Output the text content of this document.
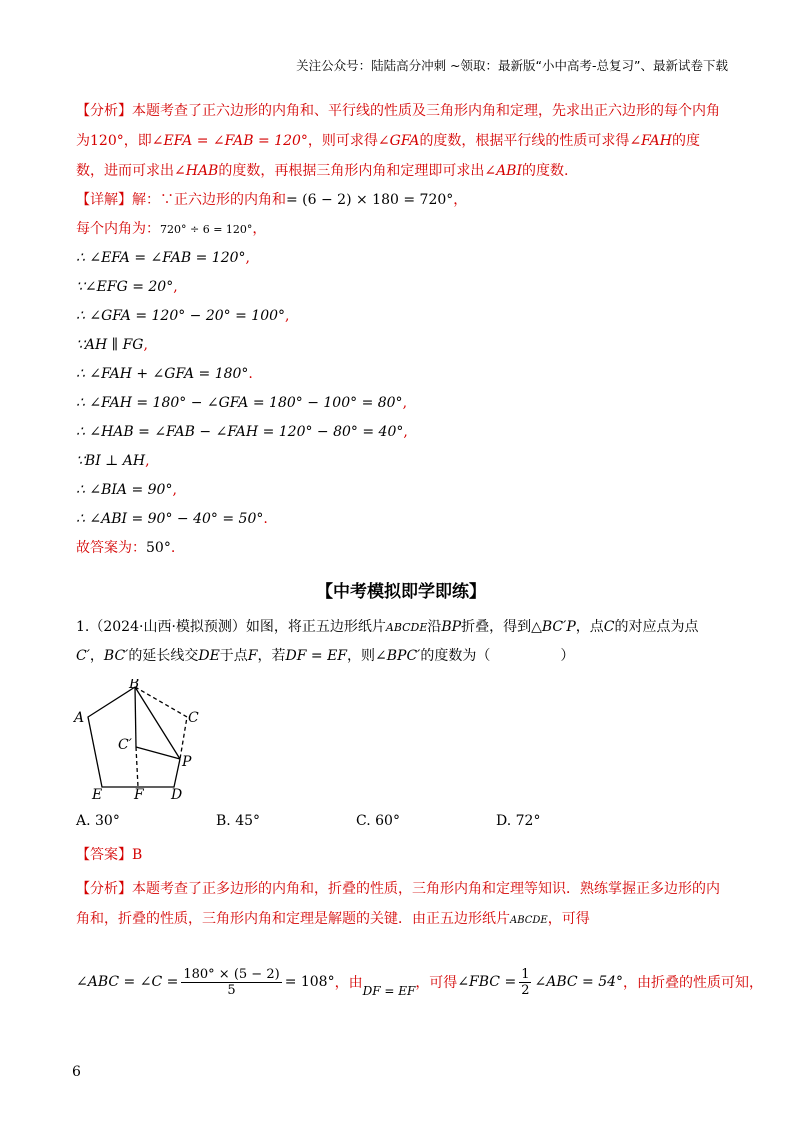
关注公众号：陆陆高分冲刺 ~领取：最新版“小中高考-总复习”、最新试卷下载

【分析】本题考查了正六边形的内角和、平行线的性质及三角形内角和定理，先求出正六边形的每个内角为120°，即∠EFA = ∠FAB = 120°，则可求得∠GFA的度数，根据平行线的性质可求得∠FAH的度数，进而可求出∠HAB的度数，再根据三角形内角和定理即可求出∠ABI的度数.

【详解】解：∵正六边形的内角和= (6 − 2) × 180 = 720°，
每个内角为：720° ÷ 6 = 120°，
∴ ∠EFA = ∠FAB = 120°,
∵∠EFG = 20°,
∴ ∠GFA = 120° − 20° = 100°,
∵AH ∥ FG,
∴ ∠FAH + ∠GFA = 180°.
∴ ∠FAH = 180° − ∠GFA = 180° − 100° = 80°,
∴ ∠HAB = ∠FAB − ∠FAH = 120° − 80° = 40°,
∵BI ⊥ AH,
∴ ∠BIA = 90°,
∴ ∠ABI = 90° − 40° = 50°.
故答案为：50°.
【中考模拟即学即练】

1.（2024·山西·模拟预测）如图，将正五边形纸片ABCDE沿BP折叠，得到△BC′P，点C的对应点为点C′，BC′的延长线交DE于点F，若DF = EF，则∠BPC′的度数为（	）

B
A	C
C′
P
E F D
A. 30°	B. 45°	C. 60°	D. 72°
【答案】B

【分析】本题考查了正多边形的内角和，折叠的性质，三角形内角和定理等知识．熟练掌握正多边形的内角和，折叠的性质，三角形内角和定理是解题的关键．由正五边形纸片ABCDE，可得

∠ABC = ∠C = $\frac{180^\circ \times (5 - 2)}{5} = 108^\circ$ ，由 DF = EF ，可得 ∠FBC = $\frac{1}{2}$ ∠ABC = 54° ，由折叠的性质可知，
6
